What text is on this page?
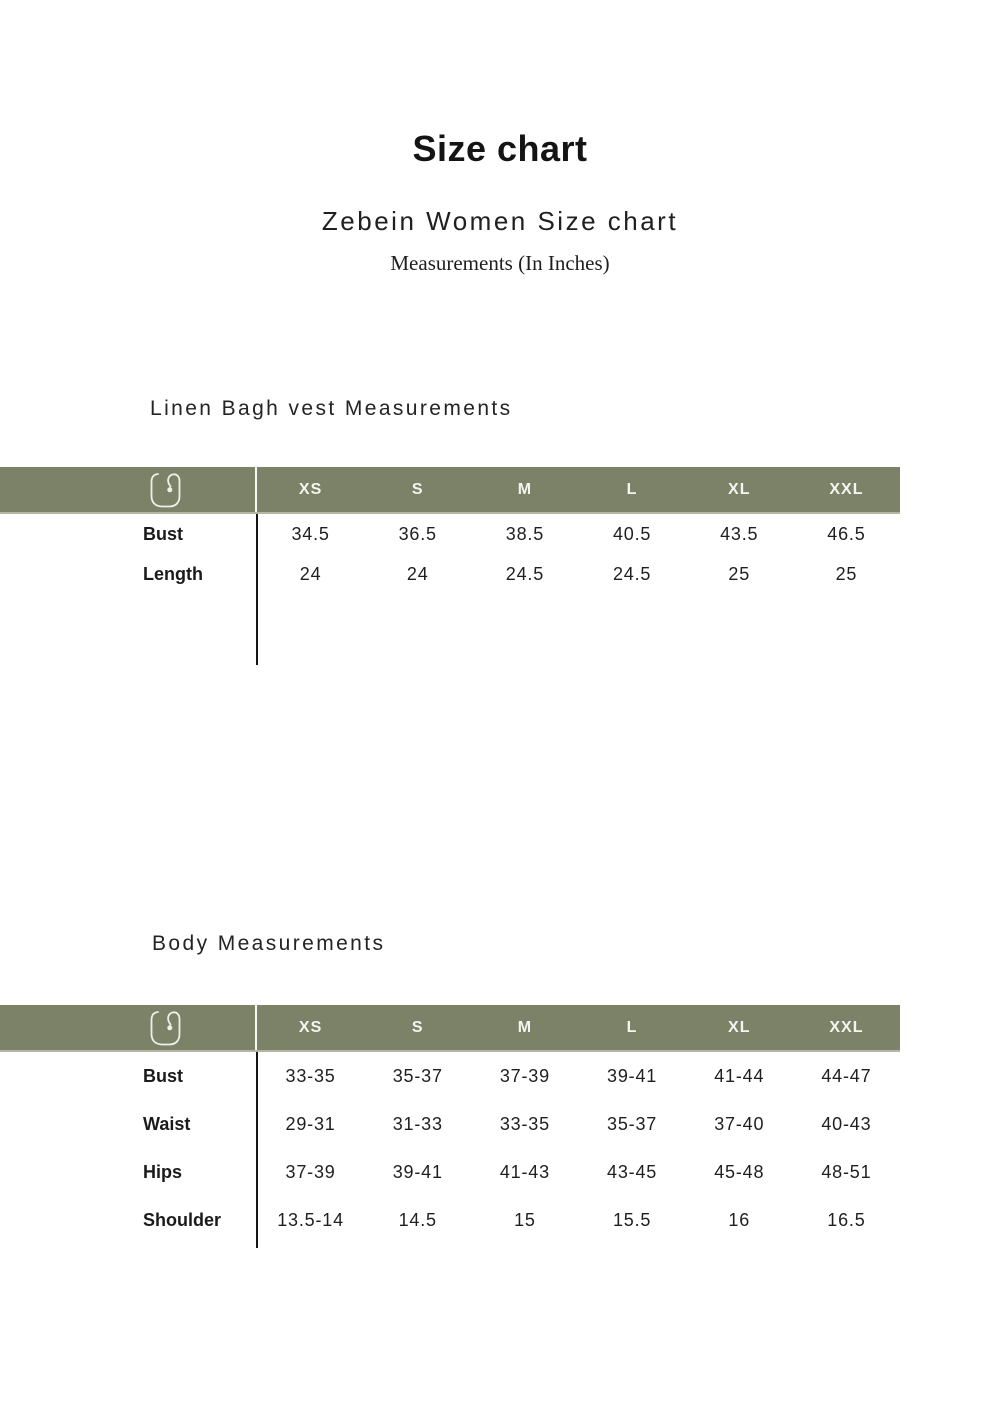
Size chart
Zebein Women Size chart
Measurements (In Inches)
Linen Bagh vest Measurements
XS	S	M	L	XL	XXL
Bust	34.5	36.5	38.5	40.5	43.5	46.5
Length	24	24	24.5	24.5	25	25
Body Measurements
XS	S	M	L	XL	XXL
Bust	33-35	35-37	37-39	39-41	41-44	44-47
Waist	29-31	31-33	33-35	35-37	37-40	40-43
Hips	37-39	39-41	41-43	43-45	45-48	48-51
Shoulder	13.5-14	14.5	15	15.5	16	16.5
